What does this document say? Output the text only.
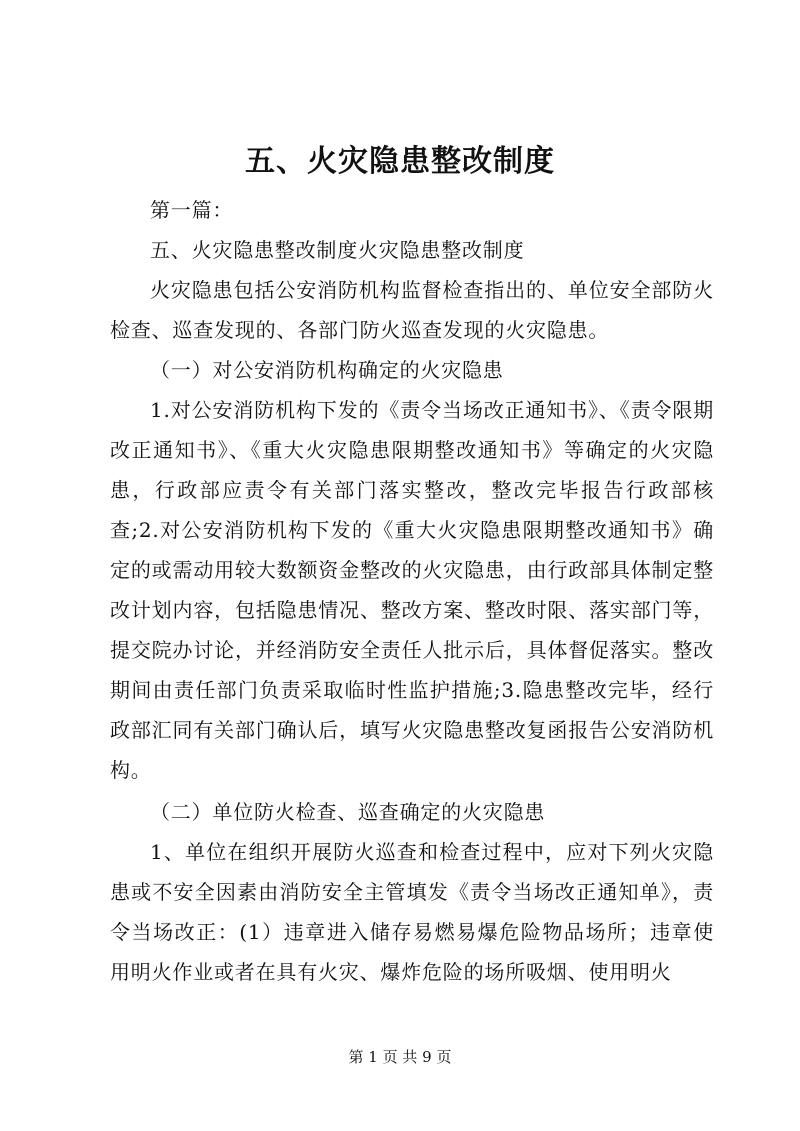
五、火灾隐患整改制度
第一篇：
五、火灾隐患整改制度火灾隐患整改制度
火灾隐患包括公安消防机构监督检查指出的、单位安全部防火检查、巡查发现的、各部门防火巡查发现的火灾隐患。
（一）对公安消防机构确定的火灾隐患
1.对公安消防机构下发的《责令当场改正通知书》、《责令限期改正通知书》、《重大火灾隐患限期整改通知书》等确定的火灾隐患，行政部应责令有关部门落实整改，整改完毕报告行政部核查;2.对公安消防机构下发的《重大火灾隐患限期整改通知书》确定的或需动用较大数额资金整改的火灾隐患，由行政部具体制定整改计划内容，包括隐患情况、整改方案、整改时限、落实部门等，提交院办讨论，并经消防安全责任人批示后，具体督促落实。整改期间由责任部门负责采取临时性监护措施;3.隐患整改完毕，经行政部汇同有关部门确认后，填写火灾隐患整改复函报告公安消防机构。
（二）单位防火检查、巡查确定的火灾隐患
1、单位在组织开展防火巡查和检查过程中，应对下列火灾隐患或不安全因素由消防安全主管填发《责令当场改正通知单》，责令当场改正：(1）违章进入储存易燃易爆危险物品场所；违章使用明火作业或者在具有火灾、爆炸危险的场所吸烟、使用明火
第 1 页 共 9 页
